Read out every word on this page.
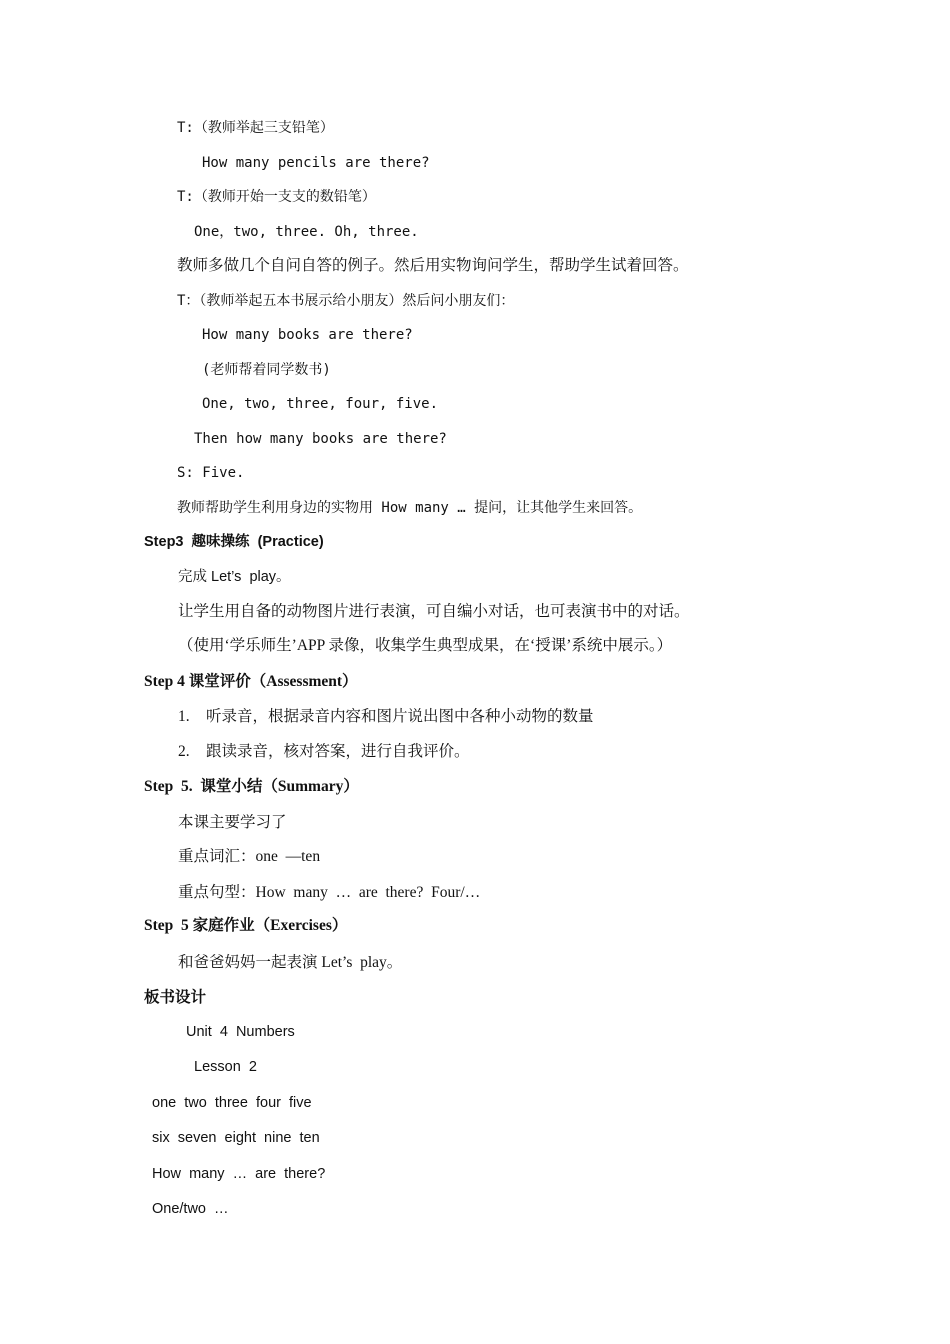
T:（教师举起三支铅笔）
How many pencils are there?
T:（教师开始一支支的数铅笔）
One，two, three. Oh, three.
教师多做几个自问自答的例子。然后用实物询问学生，帮助学生试着回答。
T：（教师举起五本书展示给小朋友）然后问小朋友们：
How many books are there?
(老师帮着同学数书)
One, two, three, four, five.
Then how many books are there?
S: Five.
教师帮助学生利用身边的实物用 How many … 提问，让其他学生来回答。
Step3  趣味操练  (Practice)
完成 Let’s  play。
让学生用自备的动物图片进行表演，可自编小对话，也可表演书中的对话。
（使用‘学乐师生’APP 录像，收集学生典型成果，在‘授课’系统中展示。）
Step 4 课堂评价（Assessment）
1. 听录音，根据录音内容和图片说出图中各种小动物的数量
2. 跟读录音，核对答案，进行自我评价。
Step  5.  课堂小结（Summary）
本课主要学习了
重点词汇：one  —ten
重点句型：How  many  …  are  there?  Four/…
Step  5 家庭作业（Exercises）
和爸爸妈妈一起表演 Let’s  play。
板书设计
Unit  4  Numbers
Lesson  2
one  two  three  four  five
six  seven  eight  nine  ten
How  many  …  are  there?
One/two  …
